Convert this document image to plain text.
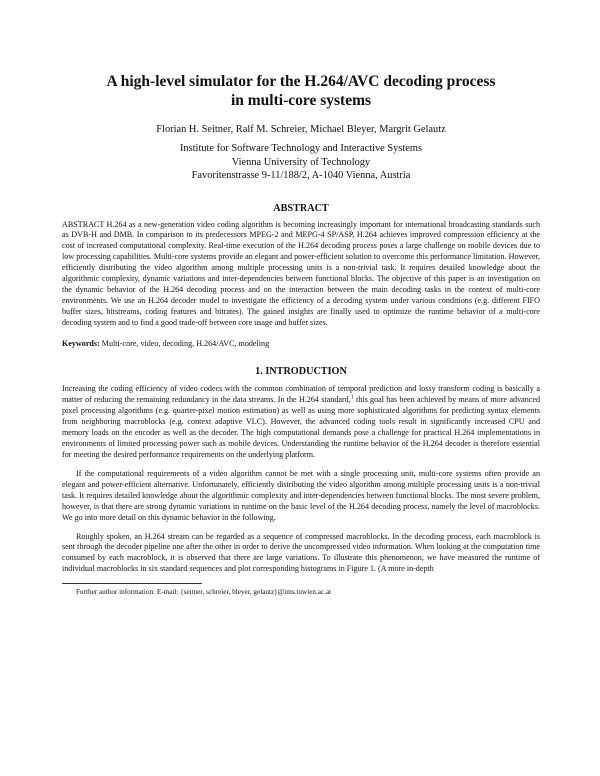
A high-level simulator for the H.264/AVC decoding process
in multi-core systems
Florian H. Seitner, Ralf M. Schreier, Michael Bleyer, Margrit Gelautz
Institute for Software Technology and Interactive Systems
Vienna University of Technology
Favoritenstrasse 9-11/188/2, A-1040 Vienna, Austria
ABSTRACT

ABSTRACT H.264 as a new-generation video coding algorithm is becoming increasingly important for international broadcasting standards such as DVB-H and DMB. In comparison to its predecessors MPEG-2 and MEPG-4 SP/ASP, H.264 achieves improved compression efficiency at the cost of increased computational complexity. Real-time execution of the H.264 decoding process poses a large challenge on mobile devices due to low processing capabilities. Multi-core systems provide an elegant and power-efficient solution to overcome this performance limitation. However, efficiently distributing the video algorithm among multiple processing units is a non-trivial task. It requires detailed knowledge about the algorithmic complexity, dynamic variations and inter-dependencies between functional blocks. The objective of this paper is an investigation on the dynamic behavior of the H.264 decoding process and on the interaction between the main decoding tasks in the context of multi-core environments. We use an H.264 decoder model to investigate the efficiency of a decoding system under various conditions (e.g. different FIFO buffer sizes, bitstreams, coding features and bitrates). The gained insights are finally used to optimize the runtime behavior of a multi-core decoding system and to find a good trade-off between core usage and buffer sizes.

Keywords: Multi-core, video, decoding, H.264/AVC, modeling

1. INTRODUCTION

Increasing the coding efficiency of video codecs with the common combination of temporal prediction and lossy transform coding is basically a matter of reducing the remaining redundancy in the data streams. In the H.264 standard,$^1$ this goal has been achieved by means of more advanced pixel processing algorithms (e.g. quarter-pixel motion estimation) as well as using more sophisticated algorithms for predicting syntax elements from neighboring macroblocks (e.g. context adaptive VLC). However, the advanced coding tools result in significantly increased CPU and memory loads on the encoder as well as the decoder. The high computational demands pose a challenge for practical H.264 implementations in environments of limited processing power such as mobile devices. Understanding the runtime behavior of the H.264 decoder is therefore essential for meeting the desired performance requirements on the underlying platform.

If the computational requirements of a video algorithm cannot be met with a single processing unit, multi-core systems often provide an elegant and power-efficient alternative. Unfortunately, efficiently distributing the video algorithm among multiple processing units is a non-trivial task. It requires detailed knowledge about the algorithmic complexity and inter-dependencies between functional blocks. The most severe problem, however, is that there are strong dynamic variations in runtime on the basic level of the H.264 decoding process, namely the level of macroblocks. We go into more detail on this dynamic behavior in the following.

Roughly spoken, an H.264 stream can be regarded as a sequence of compressed macroblocks. In the decoding process, each macroblock is sent through the decoder pipeline one after the other in order to derive the uncompressed video information. When looking at the computation time consumed by each macroblock, it is observed that there are large variations. To illustrate this phenomenon, we have measured the runtime of individual macroblocks in six standard sequences and plot corresponding histograms in Figure 1. (A more in-depth

Further author information: E-mail: {seitner, schreier, bleyer, gelautz}@ims.tuwien.ac.at
